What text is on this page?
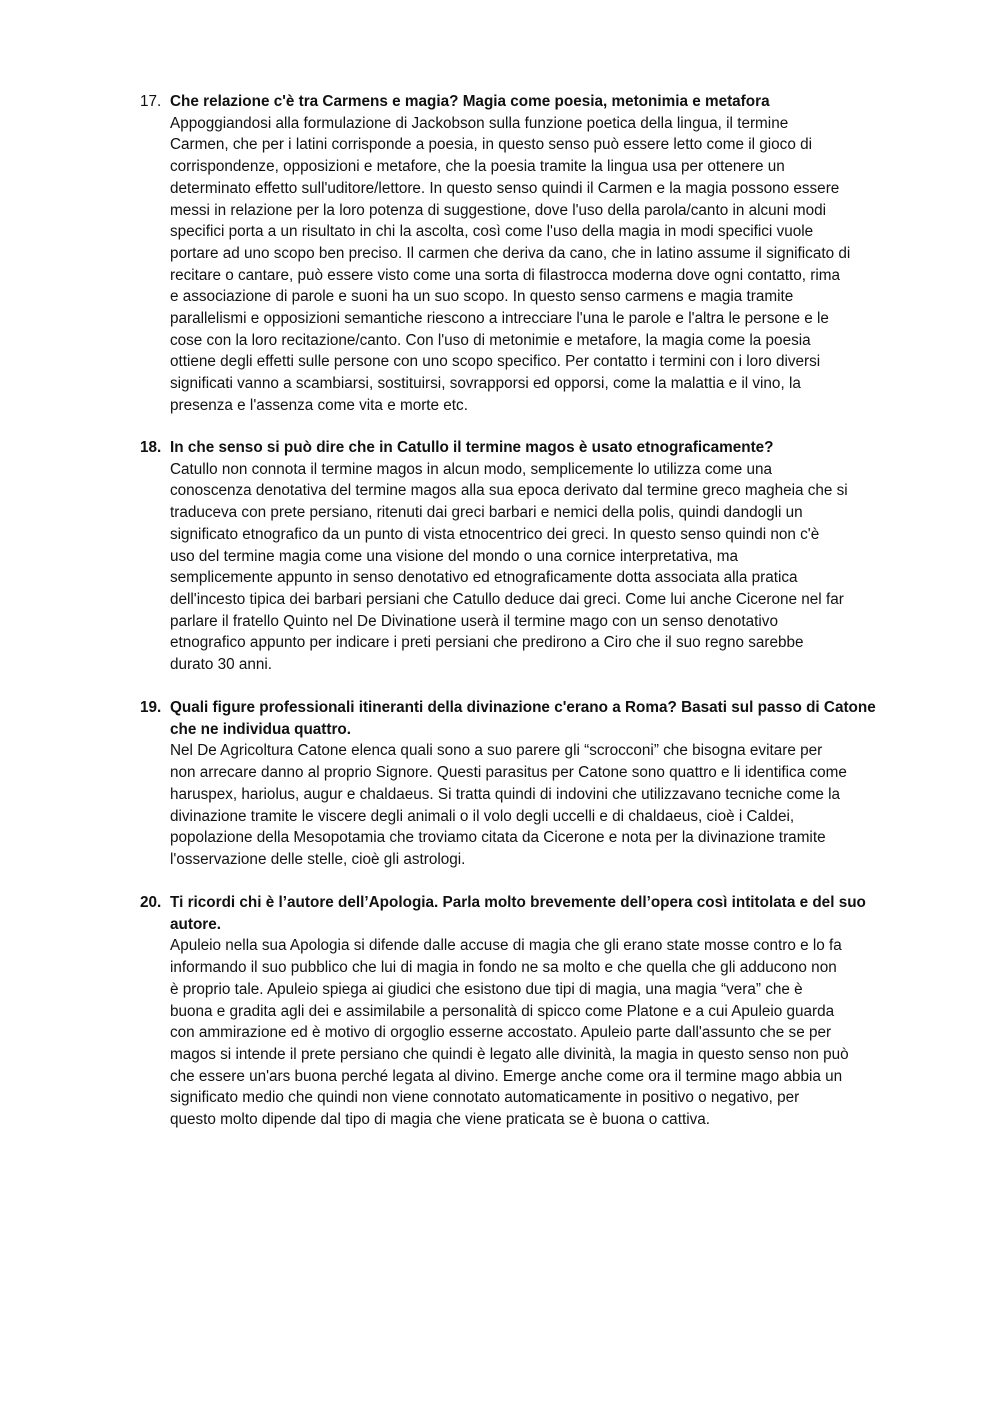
17. Che relazione c'è tra Carmens e magia? Magia come poesia, metonimia e metafora
Appoggiandosi alla formulazione di Jackobson sulla funzione poetica della lingua, il termine
Carmen, che per i latini corrisponde a poesia, in questo senso può essere letto come il gioco di
corrispondenze, opposizioni e metafore, che la poesia tramite la lingua usa per ottenere un
determinato effetto sull'uditore/lettore. In questo senso quindi il Carmen e la magia possono essere
messi in relazione per la loro potenza di suggestione, dove l'uso della parola/canto in alcuni modi
specifici porta a un risultato in chi la ascolta, così come l'uso della magia in modi specifici vuole
portare ad uno scopo ben preciso. Il carmen che deriva da cano, che in latino assume il significato di
recitare o cantare, può essere visto come una sorta di filastrocca moderna dove ogni contatto, rima
e associazione di parole e suoni ha un suo scopo. In questo senso carmens e magia tramite
parallelismi e opposizioni semantiche riescono a intrecciare l'una le parole e l'altra le persone e le
cose con la loro recitazione/canto. Con l'uso di metonimie e metafore, la magia come la poesia
ottiene degli effetti sulle persone con uno scopo specifico. Per contatto i termini con i loro diversi
significati vanno a scambiarsi, sostituirsi, sovrapporsi ed opporsi, come la malattia e il vino, la
presenza e l'assenza come vita e morte etc.
18. In che senso si può dire che in Catullo il termine magos è usato etnograficamente?
Catullo non connota il termine magos in alcun modo, semplicemente lo utilizza come una
conoscenza denotativa del termine magos alla sua epoca derivato dal termine greco magheia che si
traduceva con prete persiano, ritenuti dai greci barbari e nemici della polis, quindi dandogli un
significato etnografico da un punto di vista etnocentrico dei greci. In questo senso quindi non c'è
uso del termine magia come una visione del mondo o una cornice interpretativa, ma
semplicemente appunto in senso denotativo ed etnograficamente dotta associata alla pratica
dell'incesto tipica dei barbari persiani che Catullo deduce dai greci. Come lui anche Cicerone nel far
parlare il fratello Quinto nel De Divinatione userà il termine mago con un senso denotativo
etnografico appunto per indicare i preti persiani che predirono a Ciro che il suo regno sarebbe
durato 30 anni.
19. Quali figure professionali itineranti della divinazione c'erano a Roma? Basati sul passo di Catone
che ne individua quattro.
Nel De Agricoltura Catone elenca quali sono a suo parere gli “scrocconi” che bisogna evitare per
non arrecare danno al proprio Signore. Questi parasitus per Catone sono quattro e li identifica come
haruspex, hariolus, augur e chaldaeus. Si tratta quindi di indovini che utilizzavano tecniche come la
divinazione tramite le viscere degli animali o il volo degli uccelli e di chaldaeus, cioè i Caldei,
popolazione della Mesopotamia che troviamo citata da Cicerone e nota per la divinazione tramite
l'osservazione delle stelle, cioè gli astrologi.
20. Ti ricordi chi è l’autore dell’Apologia. Parla molto brevemente dell’opera così intitolata e del suo
autore.
Apuleio nella sua Apologia si difende dalle accuse di magia che gli erano state mosse contro e lo fa
informando il suo pubblico che lui di magia in fondo ne sa molto e che quella che gli adducono non
è proprio tale. Apuleio spiega ai giudici che esistono due tipi di magia, una magia “vera” che è
buona e gradita agli dei e assimilabile a personalità di spicco come Platone e a cui Apuleio guarda
con ammirazione ed è motivo di orgoglio esserne accostato. Apuleio parte dall'assunto che se per
magos si intende il prete persiano che quindi è legato alle divinità, la magia in questo senso non può
che essere un'ars buona perché legata al divino. Emerge anche come ora il termine mago abbia un
significato medio che quindi non viene connotato automaticamente in positivo o negativo, per
questo molto dipende dal tipo di magia che viene praticata se è buona o cattiva.
